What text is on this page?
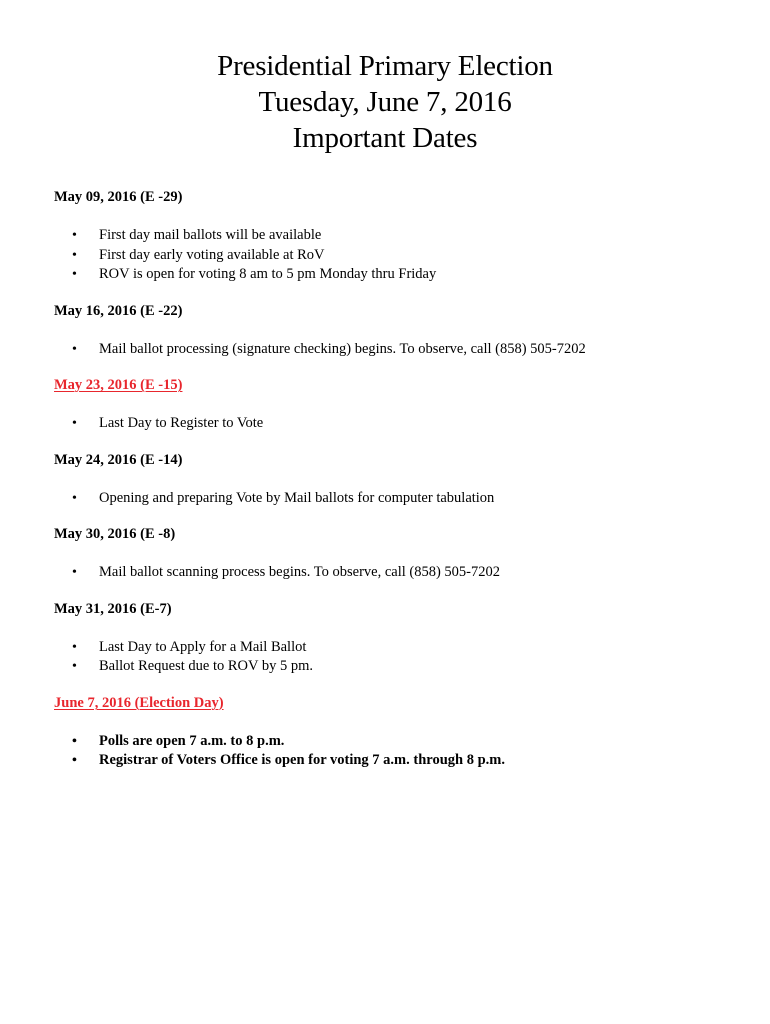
Presidential Primary Election
Tuesday, June 7, 2016
Important Dates
May 09, 2016 (E -29)
• First day mail ballots will be available
• First day early voting available at RoV
• ROV is open for voting 8 am to 5 pm Monday thru Friday
May 16, 2016 (E -22)
• Mail ballot processing (signature checking) begins. To observe, call (858) 505-7202
May 23, 2016 (E -15)
• Last Day to Register to Vote
May 24, 2016 (E -14)
• Opening and preparing Vote by Mail ballots for computer tabulation
May 30, 2016 (E -8)
• Mail ballot scanning process begins. To observe, call (858) 505-7202
May 31, 2016 (E-7)
• Last Day to Apply for a Mail Ballot
• Ballot Request due to ROV by 5 pm.
June 7, 2016 (Election Day)
• Polls are open 7 a.m. to 8 p.m.
• Registrar of Voters Office is open for voting 7 a.m. through 8 p.m.
